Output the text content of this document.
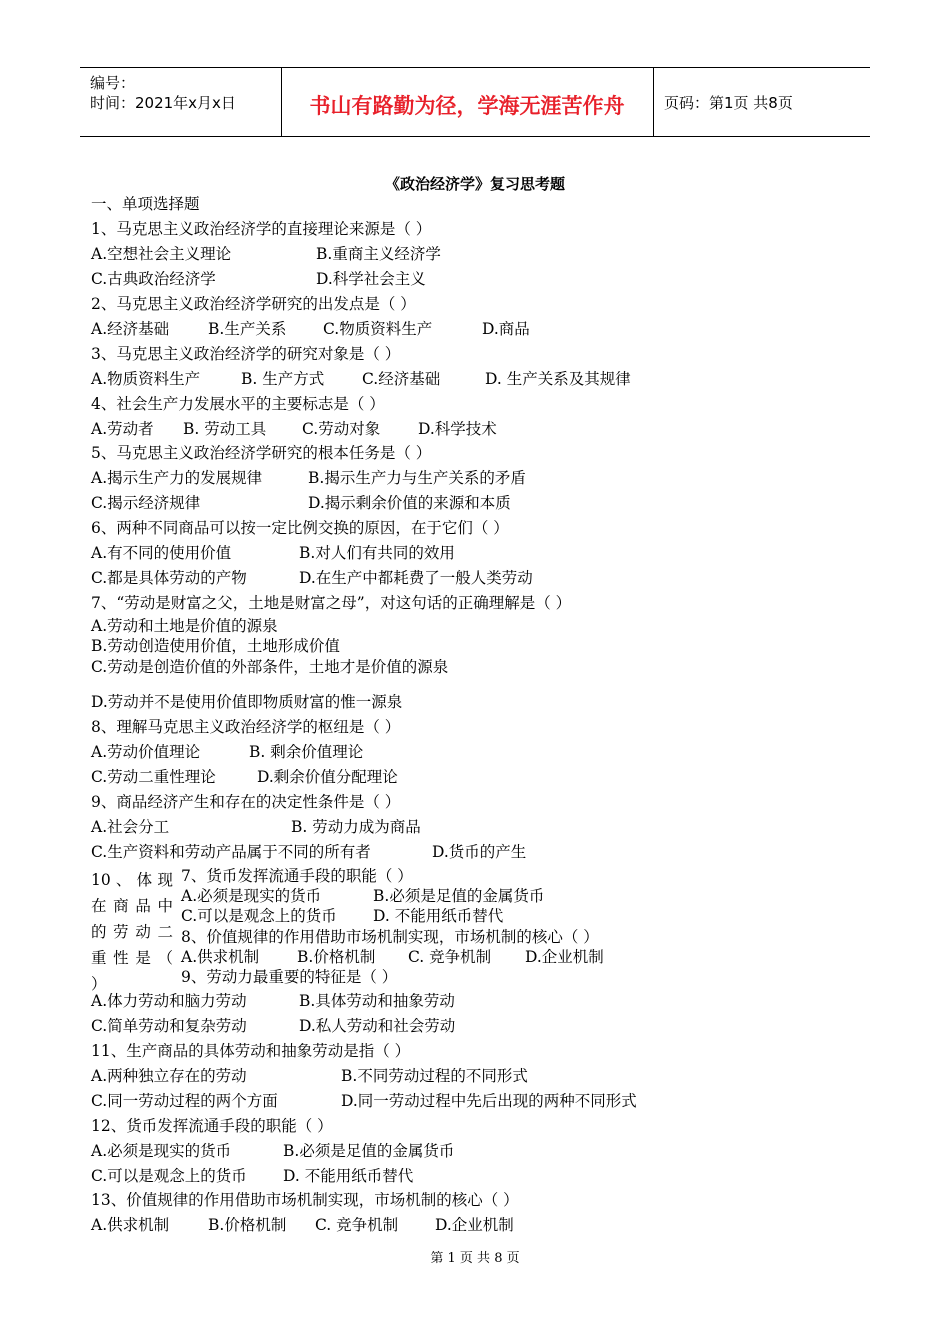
编号：
时间：2021年x月x日	书山有路勤为径，学海无涯苦作舟	页码：第1页 共8页
《政治经济学》复习思考题
一、单项选择题
1、马克思主义政治经济学的直接理论来源是（ ）
A.空想社会主义理论	B.重商主义经济学
C.古典政治经济学	D.科学社会主义
2、马克思主义政治经济学研究的出发点是（ ）
A.经济基础	B.生产关系 C.物质资料生产	D.商品
3、马克思主义政治经济学的研究对象是（ ）
A.物质资料生产	B. 生产方式 C.经济基础	D. 生产关系及其规律
4、社会生产力发展水平的主要标志是（ ）
A.劳动者 B. 劳动工具 C.劳动对象 D.科学技术
5、马克思主义政治经济学研究的根本任务是（ ）
A.揭示生产力的发展规律	B.揭示生产力与生产关系的矛盾
C.揭示经济规律	D.揭示剩余价值的来源和本质
6、两种不同商品可以按一定比例交换的原因，在于它们（ ）
A.有不同的使用价值	B.对人们有共同的效用
C.都是具体劳动的产物	D.在生产中都耗费了一般人类劳动
7、“劳动是财富之父，土地是财富之母”，对这句话的正确理解是（ ）
A.劳动和土地是价值的源泉
B.劳动创造使用价值，土地形成价值
C.劳动是创造价值的外部条件，土地才是价值的源泉
D.劳动并不是使用价值即物质财富的惟一源泉
8、理解马克思主义政治经济学的枢纽是（ ）
A.劳动价值理论	B. 剩余价值理论
C.劳动二重性理论	D.剩余价值分配理论
9、商品经济产生和存在的决定性条件是（ ）
A.社会分工	B. 劳动力成为商品
C.生产资料和劳动产品属于不同的所有者	D.货币的产生
10 、 体 现
在 商 品 中
的 劳 动 二
重 性 是 （
）
7、货币发挥流通手段的职能（ ）
A.必须是现实的货币	B.必须是足值的金属货币
C.可以是观念上的货币 D. 不能用纸币替代
8、价值规律的作用借助市场机制实现，市场机制的核心（ ）
A.供求机制 B.价格机制 C. 竞争机制 D.企业机制
9、劳动力最重要的特征是（ ）
A.体力劳动和脑力劳动	B.具体劳动和抽象劳动
C.简单劳动和复杂劳动	D.私人劳动和社会劳动
11、生产商品的具体劳动和抽象劳动是指（ ）
A.两种独立存在的劳动	B.不同劳动过程的不同形式
C.同一劳动过程的两个方面	D.同一劳动过程中先后出现的两种不同形式
12、货币发挥流通手段的职能（ ）
A.必须是现实的货币	B.必须是足值的金属货币
C.可以是观念上的货币 D. 不能用纸币替代
13、价值规律的作用借助市场机制实现，市场机制的核心（ ）
A.供求机制	B.价格机制 C. 竞争机制 D.企业机制
第 1 页 共 8 页
